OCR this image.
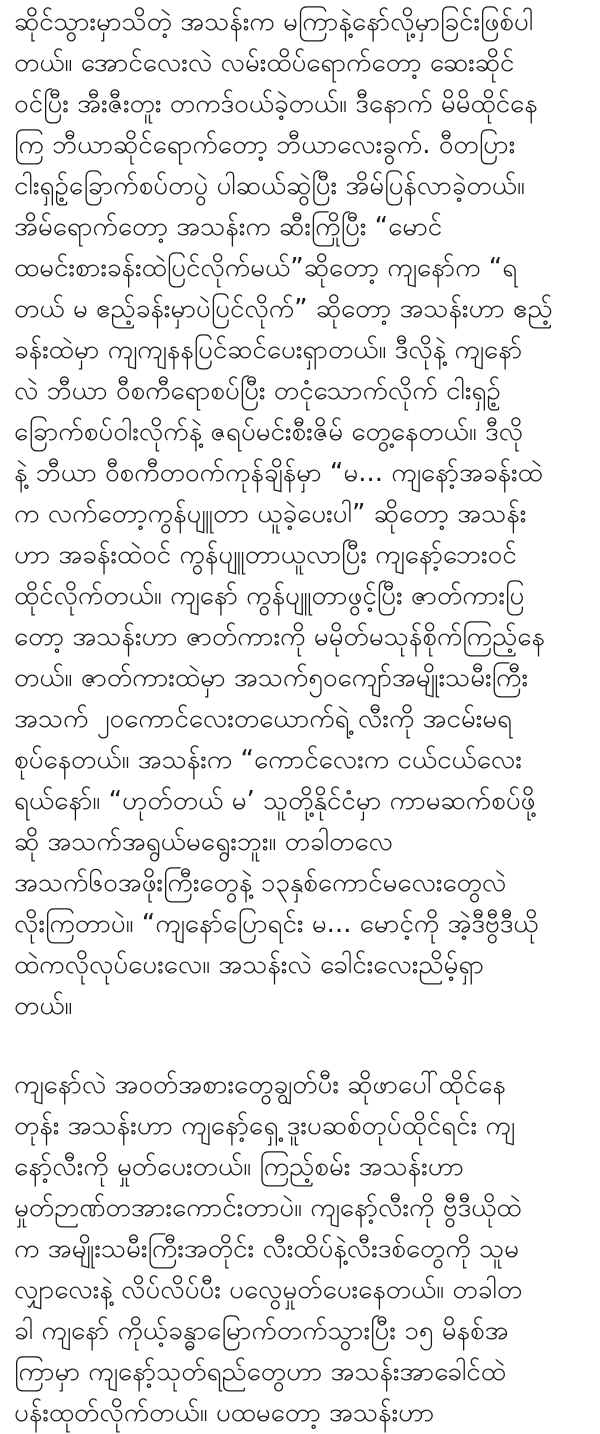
ဆိုင်သွားမှာသိတဲ့ အသန်းက မကြာနဲ့နော်လို့မှာခြင်းဖြစ်ပါ
တယ်။ အောင်လေးလဲ လမ်းထိပ်ရောက်တော့ ဆေးဆိုင်
ဝင်ပြီး အီးဇီးတူး တကဒ်ဝယ်ခဲ့တယ်။ ဒီနောက် မိမိထိုင်နေ
ကြ ဘီယာဆိုင်ရောက်တော့ ဘီယာလေးခွက်. ဝီတပြား
ငါးရှဉ့်ခြောက်စပ်တပွဲ ပါဆယ်ဆွဲပြီး အိမ်ပြန်လာခဲ့တယ်။
အိမ်ရောက်တော့ အသန်းက ဆီးကြိုပြီး “မောင်
ထမင်းစားခန်းထဲပြင်လိုက်မယ်”ဆိုတော့ ကျနော်က “ရ
တယ် မ ဧည့်ခန်းမှာပဲပြင်လိုက်” ဆိုတော့ အသန်းဟာ ဧည့်
ခန်းထဲမှာ ကျကျနနပြင်ဆင်ပေးရှာတယ်။ ဒီလိုနဲ့ ကျနော်
လဲ ဘီယာ ဝီစကီရောစပ်ပြီး တငုံသောက်လိုက် ငါးရှဉ့်
ခြောက်စပ်ဝါးလိုက်နဲ့ ဇရပ်မင်းစီးဇိမ် တွေ့နေတယ်။ ဒီလို
နဲ့ ဘီယာ ဝီစကီတဝက်ကုန်ချိန်မှာ “မ... ကျနော့်အခန်းထဲ
က လက်တော့ကွန်ပျူတာ ယူခဲ့ပေးပါ” ဆိုတော့ အသန်း
ဟာ အခန်းထဲဝင် ကွန်ပျူတာယူလာပြီး ကျနော့်ဘေးဝင်
ထိုင်လိုက်တယ်။ ကျနော် ကွန်ပျူတာဖွင့်ပြီး ဇာတ်ကားပြ
တော့ အသန်းဟာ ဇာတ်ကားကို မမိုတ်မသုန်စိုက်ကြည့်နေ
တယ်။ ဇာတ်ကားထဲမှာ အသက်၅၀ကျော်အမျိုးသမီးကြီး
အသက် ၂၀ကောင်လေးတယောက်ရဲ့ လီးကို အငမ်းမရ
စုပ်နေတယ်။ အသန်းက “ကောင်လေးက ငယ်ငယ်လေး
ရယ်နော်။ “ဟုတ်တယ် မ’ သူတို့နိုင်ငံမှာ ကာမဆက်စပ်ဖို့
ဆို အသက်အရွယ်မရွေးဘူး။ တခါတလေ
အသက်၆၀အဖိုးကြီးတွေနဲ့ ၁၃နှစ်ကောင်မလေးတွေလဲ
လိုးကြတာပဲ။ “ကျနော်ပြောရင်း မ... မောင့်ကို အဲ့ဒီဗွီဒီယို
ထဲကလိုလုပ်ပေးလေ။ အသန်းလဲ ခေါင်းလေးညိမ့်ရှာ
တယ်။
ကျနော်လဲ အဝတ်အစားတွေချွတ်ပီး ဆိုဖာပေါ်ထိုင်နေ
တုန်း အသန်းဟာ ကျနော့်ရှေ့ ဒူးပဆစ်တုပ်ထိုင်ရင်း ကျ
နော့်လီးကို မှုတ်ပေးတယ်။ ကြည့်စမ်း အသန်းဟာ
မှုတ်ဉာဏ်တအားကောင်းတာပဲ။ ကျနော့်လီးကို ဗွီဒီယိုထဲ
က အမျိုးသမီးကြီးအတိုင်း လီးထိပ်နဲ့လီးဒစ်တွေကို သူမ
လျှာလေးနဲ့ လိပ်လိပ်ပီး ပလွေမှုတ်ပေးနေတယ်။ တခါတ
ခါ ကျနော် ကိုယ့်ခန္ဓာမြောက်တက်သွားပြီး ၁၅ မိနစ်အ
ကြာမှာ ကျနော့်သုတ်ရည်တွေဟာ အသန်းအာခေါင်ထဲ
ပန်းထုတ်လိုက်တယ်။ ပထမတော့ အသန်းဟာ
